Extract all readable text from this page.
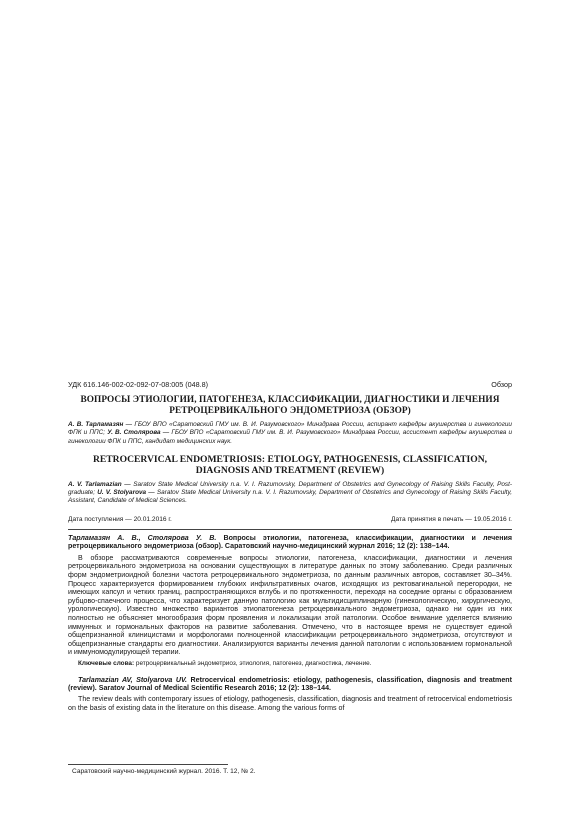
УДК 616.146-002-02-092-07-08:005 (048.8)	Обзор
ВОПРОСЫ ЭТИОЛОГИИ, ПАТОГЕНЕЗА, КЛАССИФИКАЦИИ, ДИАГНОСТИКИ И ЛЕЧЕНИЯ РЕТРОЦЕРВИКАЛЬНОГО ЭНДОМЕТРИОЗА (ОБЗОР)
А. В. Тарламазян — ГБОУ ВПО «Саратовский ГМУ им. В. И. Разумовского» Минздрава России, аспирант кафедры акушерства и гинекологии ФПК и ППС; У. В. Столярова — ГБОУ ВПО «Саратовский ГМУ им. В. И. Разумовского» Минздрава России, ассистент кафедры акушерства и гинекологии ФПК и ППС, кандидат медицинских наук.
RETROCERVICAL ENDOMETRIOSIS: ETIOLOGY, PATHOGENESIS, CLASSIFICATION, DIAGNOSIS AND TREATMENT (REVIEW)
A. V. Tarlamazian — Saratov State Medical University n.a. V. I. Razumovsky, Department of Obstetrics and Gynecology of Raising Skills Faculty, Post-graduate; U. V. Stolyarova — Saratov State Medical University n.a. V. I. Razumovsky, Department of Obstetrics and Gynecology of Raising Skills Faculty, Assistant, Candidate of Medical Sciences.
Дата поступления — 20.01.2016 г.	Дата принятия в печать — 19.05.2016 г.
Тарламазян А. В., Столярова У. В. Вопросы этиологии, патогенеза, классификации, диагностики и лечения ретроцервикального эндометриоза (обзор). Саратовский научно-медицинский журнал 2016; 12 (2): 138–144.
В обзоре рассматриваются современные вопросы этиологии, патогенеза, классификации, диагностики и лечения ретроцервикального эндометриоза на основании существующих в литературе данных по этому заболеванию. Среди различных форм эндометриоидной болезни частота ретроцервикального эндометриоза, по данным различных авторов, составляет 30–34%. Процесс характеризуется формированием глубоких инфильтративных очагов, исходящих из ректовагинальной перегородки, не имеющих капсул и четких границ, распространяющихся вглубь и по протяженности, переходя на соседние органы с образованием рубцово-спаечного процесса, что характеризует данную патологию как мультидисциплинарную (гинекологическую, хирургическую, урологическую). Известно множество вариантов этиопатогенеза ретроцервикального эндометриоза, однако ни один из них полностью не объясняет многообразия форм проявления и локализации этой патологии. Особое внимание уделяется влиянию иммунных и гормональных факторов на развитие заболевания. Отмечено, что в настоящее время не существует единой общепризнанной клиницистами и морфологами полноценной классификации ретроцервикального эндометриоза, отсутствуют и общепризнанные стандарты его диагностики. Анализируются варианты лечения данной патологии с использованием гормональной и иммуномодулирующей терапии.
Ключевые слова: ретроцервикальный эндометриоз, этиология, патогенез, диагностика, лечение.
Tarlamazian AV, Stolyarova UV. Retrocervical endometriosis: etiology, pathogenesis, classification, diagnosis and treatment (review). Saratov Journal of Medical Scientific Research 2016; 12 (2): 138–144.
The review deals with contemporary issues of etiology, pathogenesis, classification, diagnosis and treatment of retrocervical endometriosis on the basis of existing data in the literature on this disease. Among the various forms of
Саратовский научно-медицинский журнал. 2016. Т. 12, № 2.
